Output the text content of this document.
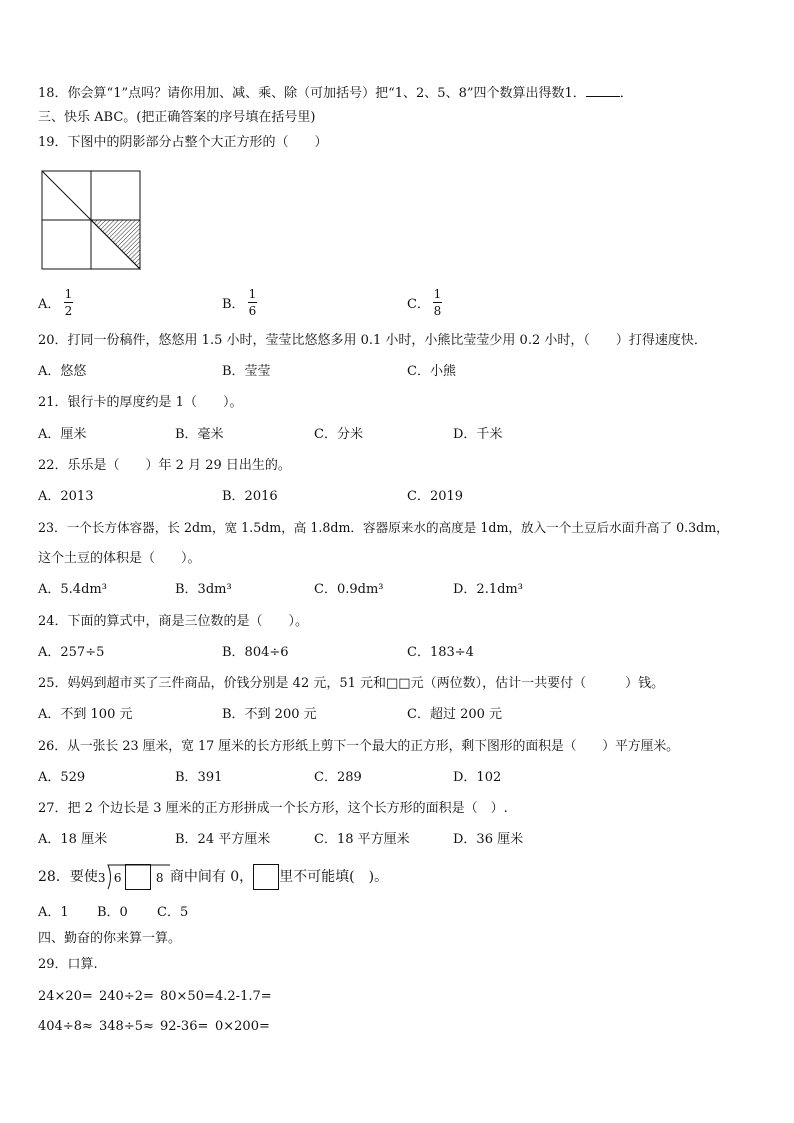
18．你会算“1”点吗？请你用加、减、乘、除（可加括号）把“1、2、5、8”四个数算出得数1．	．
三、快乐 ABC。(把正确答案的序号填在括号里)
19．下图中的阴影部分占整个大正方形的（　　）
A．
1
2	B．
1
6	C．
1
8
20．打同一份稿件，悠悠用 1.5 小时，莹莹比悠悠多用 0.1 小时，小熊比莹莹少用 0.2 小时，（　　）打得速度快．
A．悠悠	B．莹莹	C．小熊
21．银行卡的厚度约是 1（　　）。
A．厘米	B．毫米	C．分米	D．千米
22．乐乐是（　　）年 2 月 29 日出生的。
A．2013	B．2016	C．2019
23．一个长方体容器，长 2dm，宽 1.5dm，高 1.8dm．容器原来水的高度是 1dm，放入一个土豆后水面升高了 0.3dm，
这个土豆的体积是（　　）。
A．5.4dm³	B．3dm³	C．0.9dm³	D．2.1dm³
24．下面的算式中，商是三位数的是（　　）。
A．257÷5	B．804÷6	C．183÷4
25．妈妈到超市买了三件商品，价钱分别是 42 元，51 元和□□元（两位数），估计一共要付（　　　）钱。
A．不到 100 元	B．不到 200 元	C．超过 200 元
26．从一张长 23 厘米，宽 17 厘米的长方形纸上剪下一个最大的正方形，剩下图形的面积是（　　）平方厘米。
A．529	B．391	C．289	D．102
27．把 2 个边长是 3 厘米的正方形拼成一个长方形，这个长方形的面积是（　）.
A．18 厘米	B．24 平方厘米	C．18 平方厘米	D．36 厘米
28．要使 3 6	8 商中间有 0， 里不可能填(　)。
A．1 B．0 C．5
四、勤奋的你来算一算。
29．口算.
24×20= 240÷2= 80×50= 4.2-1.7=
404÷8≈ 348÷5≈ 92-36= 0×200=
